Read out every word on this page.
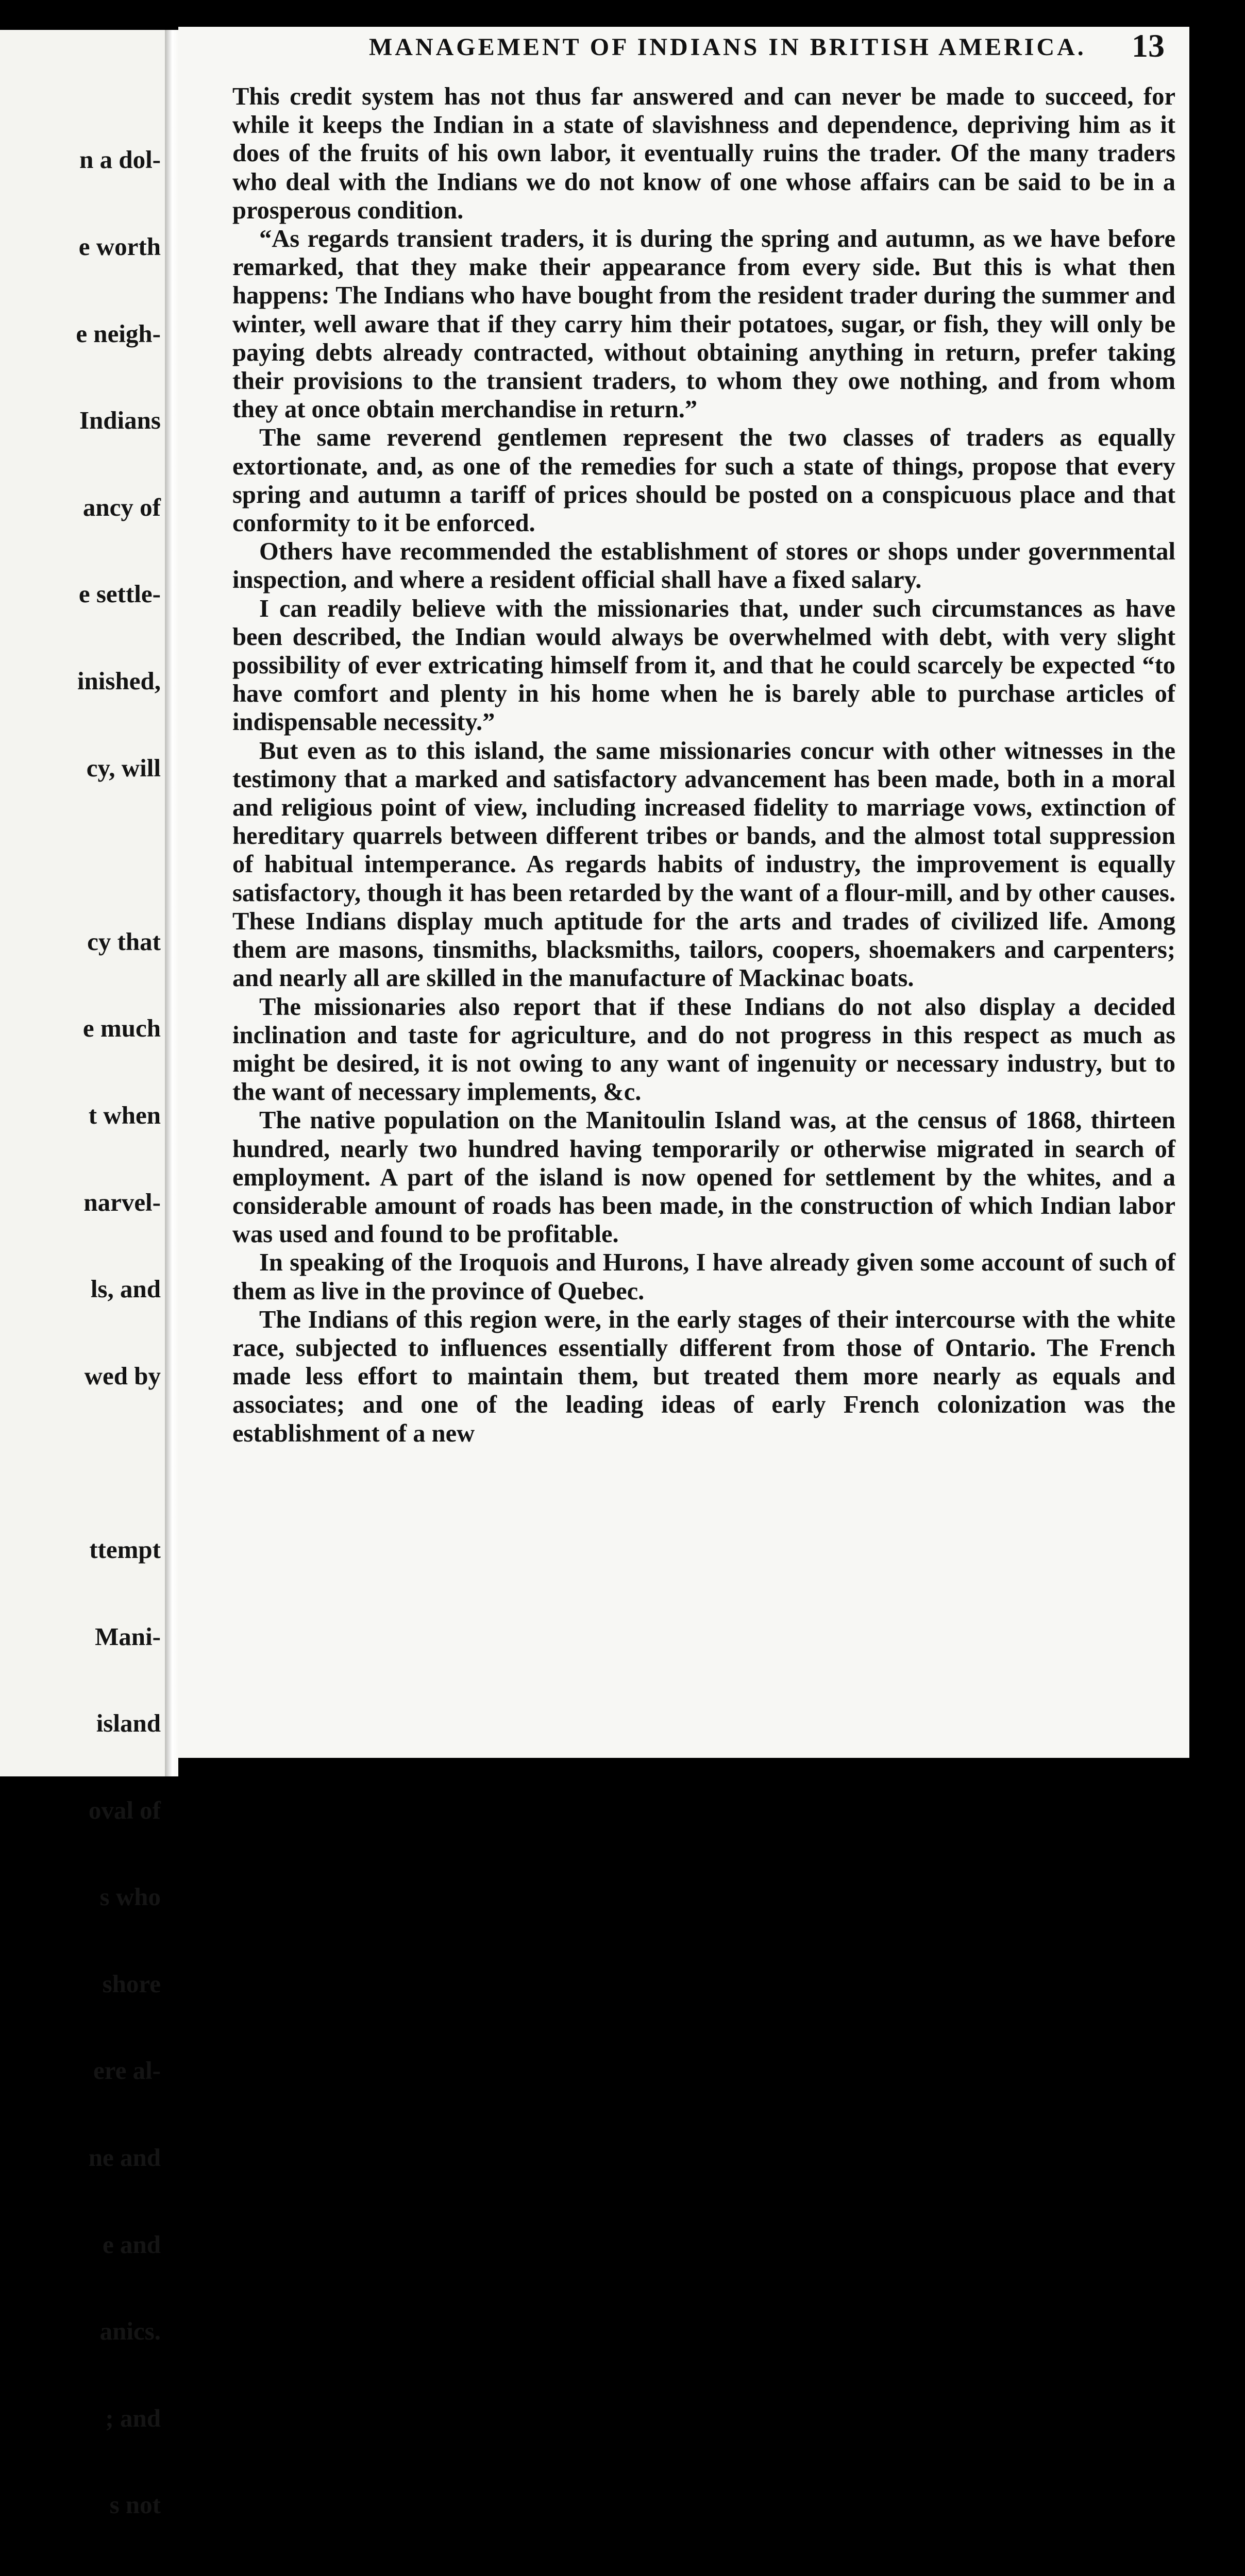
n a dol-

e worth

e neigh-

Indians

ancy of

e settle-

inished,

cy, will

cy that

e much

t when

narvel-

ls, and

wed by

ttempt

Mani-

island

oval of

s who

shore

ere al-

ne and

e and

anics.

; and

s not

MANAGEMENT OF INDIANS IN BRITISH AMERICA.	13

This credit system has not thus far answered and can never be made to succeed, for while it keeps the Indian in a state of slavishness and dependence, depriving him as it does of the fruits of his own labor, it eventually ruins the trader. Of the many traders who deal with the Indians we do not know of one whose affairs can be said to be in a prosperous condition.

“As regards transient traders, it is during the spring and autumn, as we have before remarked, that they make their appearance from every side. But this is what then happens: The Indians who have bought from the resident trader during the summer and winter, well aware that if they carry him their potatoes, sugar, or fish, they will only be paying debts already contracted, without obtaining anything in return, prefer taking their provisions to the transient traders, to whom they owe nothing, and from whom they at once obtain merchandise in return.”

The same reverend gentlemen represent the two classes of traders as equally extortionate, and, as one of the remedies for such a state of things, propose that every spring and autumn a tariff of prices should be posted on a conspicuous place and that conformity to it be enforced.

Others have recommended the establishment of stores or shops under governmental inspection, and where a resident official shall have a fixed salary.

I can readily believe with the missionaries that, under such circumstances as have been described, the Indian would always be overwhelmed with debt, with very slight possibility of ever extricating himself from it, and that he could scarcely be expected “to have comfort and plenty in his home when he is barely able to purchase articles of indispensable necessity.”

But even as to this island, the same missionaries concur with other witnesses in the testimony that a marked and satisfactory advancement has been made, both in a moral and religious point of view, including increased fidelity to marriage vows, extinction of hereditary quarrels between different tribes or bands, and the almost total suppression of habitual intemperance. As regards habits of industry, the improvement is equally satisfactory, though it has been retarded by the want of a flour-mill, and by other causes. These Indians display much aptitude for the arts and trades of civilized life. Among them are masons, tinsmiths, blacksmiths, tailors, coopers, shoemakers and carpenters; and nearly all are skilled in the manufacture of Mackinac boats.

The missionaries also report that if these Indians do not also display a decided inclination and taste for agriculture, and do not progress in this respect as much as might be desired, it is not owing to any want of ingenuity or necessary industry, but to the want of necessary implements, &c.

The native population on the Manitoulin Island was, at the census of 1868, thirteen hundred, nearly two hundred having temporarily or otherwise migrated in search of employment. A part of the island is now opened for settlement by the whites, and a considerable amount of roads has been made, in the construction of which Indian labor was used and found to be profitable.

In speaking of the Iroquois and Hurons, I have already given some account of such of them as live in the province of Quebec.

The Indians of this region were, in the early stages of their intercourse with the white race, subjected to influences essentially different from those of Ontario. The French made less effort to maintain them, but treated them more nearly as equals and associates; and one of the leading ideas of early French colonization was the establishment of a new
